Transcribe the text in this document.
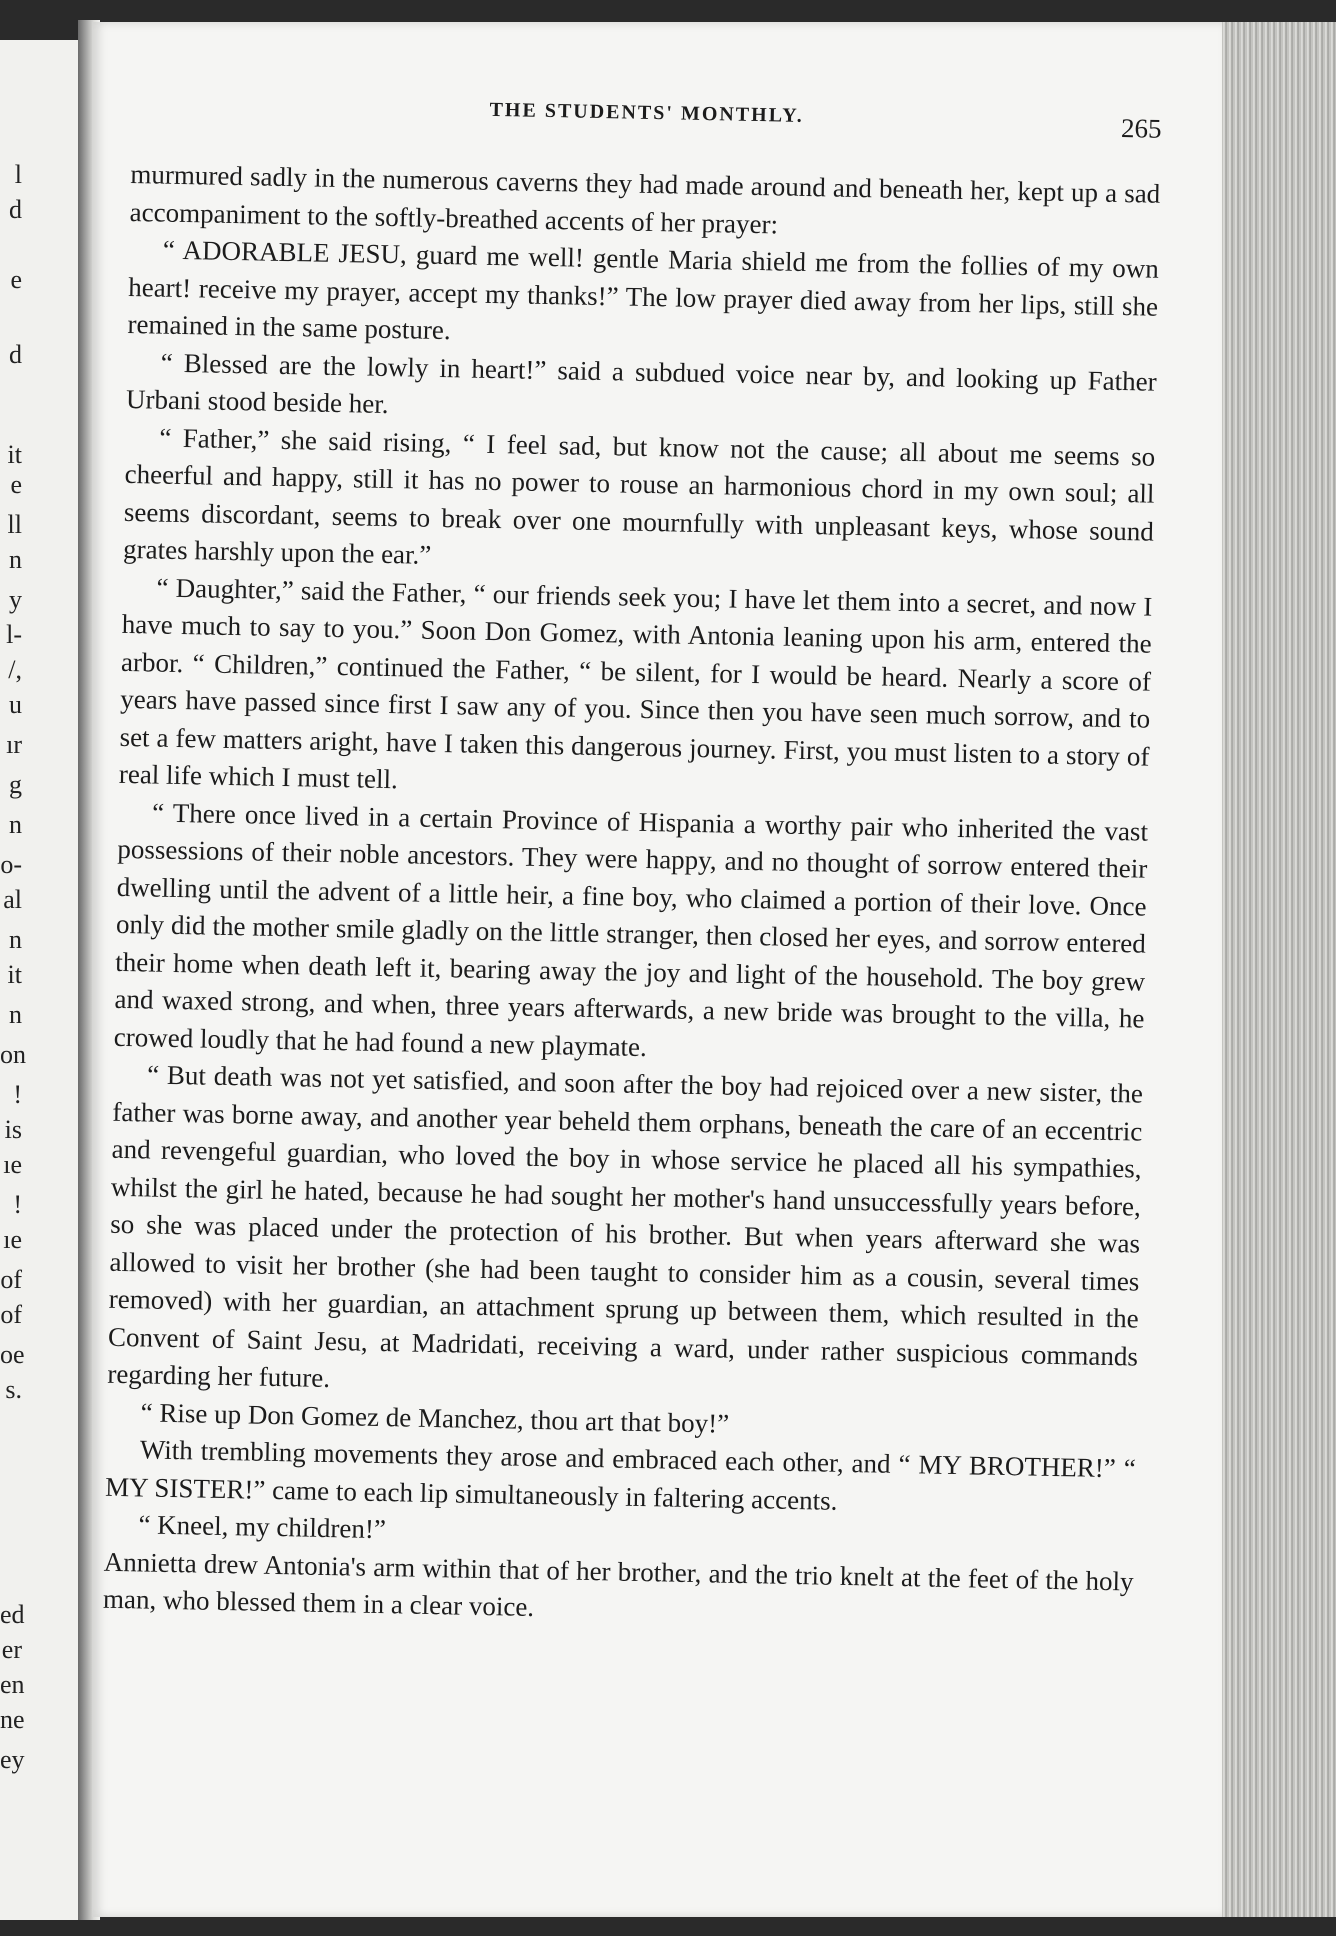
l
d
e
d
it
e
ll
n
y
l-
/,
u
ır
g
n
o-
al
n
it
n
on
!
is
ıe
!
ıe
of
of
oe
s.
ed
er
en
ne
ey
THE STUDENTS' MONTHLY.
265

murmured sadly in the numerous caverns they had made around and beneath her, kept up a sad accompaniment to the softly-breathed accents of her prayer:

“ ADORABLE JESU, guard me well! gentle Maria shield me from the follies of my own heart! receive my prayer, accept my thanks!” The low prayer died away from her lips, still she remained in the same posture.

“ Blessed are the lowly in heart!” said a subdued voice near by, and looking up Father Urbani stood beside her.

“ Father,” she said rising, “ I feel sad, but know not the cause; all about me seems so cheerful and happy, still it has no power to rouse an harmonious chord in my own soul; all seems discordant, seems to break over one mournfully with unpleasant keys, whose sound grates harshly upon the ear.”

“ Daughter,” said the Father, “ our friends seek you; I have let them into a secret, and now I have much to say to you.” Soon Don Gomez, with Antonia leaning upon his arm, entered the arbor. “ Children,” continued the Father, “ be silent, for I would be heard. Nearly a score of years have passed since first I saw any of you. Since then you have seen much sorrow, and to set a few matters aright, have I taken this dangerous journey. First, you must listen to a story of real life which I must tell.

“ There once lived in a certain Province of Hispania a worthy pair who inherited the vast possessions of their noble ancestors. They were happy, and no thought of sorrow entered their dwelling until the advent of a little heir, a fine boy, who claimed a portion of their love. Once only did the mother smile gladly on the little stranger, then closed her eyes, and sorrow entered their home when death left it, bearing away the joy and light of the household. The boy grew and waxed strong, and when, three years afterwards, a new bride was brought to the villa, he crowed loudly that he had found a new playmate.

“ But death was not yet satisfied, and soon after the boy had rejoiced over a new sister, the father was borne away, and another year beheld them orphans, beneath the care of an eccentric and revengeful guardian, who loved the boy in whose service he placed all his sympathies, whilst the girl he hated, because he had sought her mother's hand unsuccessfully years before, so she was placed under the protection of his brother. But when years afterward she was allowed to visit her brother (she had been taught to consider him as a cousin, several times removed) with her guardian, an attachment sprung up between them, which resulted in the Convent of Saint Jesu, at Madridati, receiving a ward, under rather suspicious commands regarding her future.

“ Rise up Don Gomez de Manchez, thou art that boy!”

With trembling movements they arose and embraced each other, and “ MY BROTHER!” “ MY SISTER!” came to each lip simultaneously in faltering accents.

“ Kneel, my children!”

Annietta drew Antonia's arm within that of her brother, and the trio knelt at the feet of the holy man, who blessed them in a clear voice.
